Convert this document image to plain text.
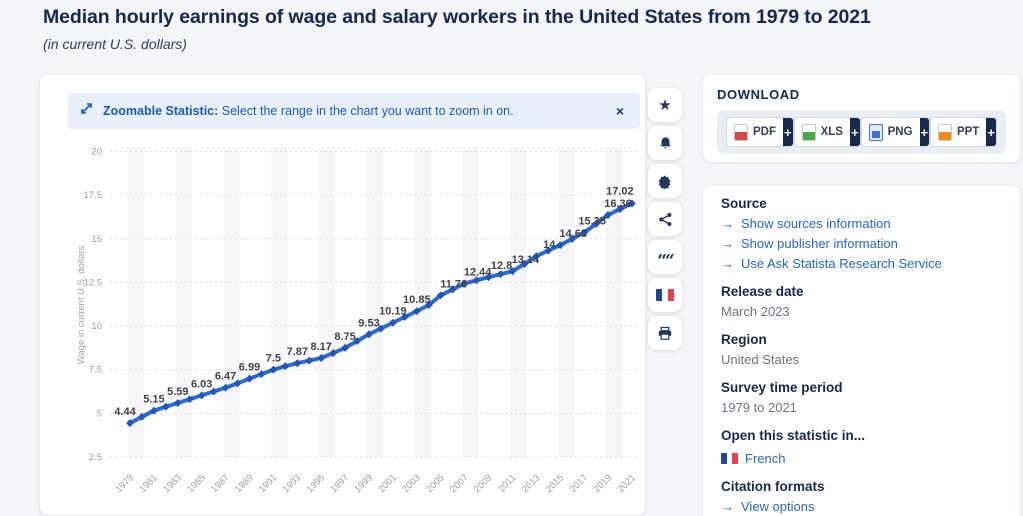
Median hourly earnings of wage and salary workers in the United States from 1979 to 2021
(in current U.S. dollars)
Zoomable Statistic: Select the range in the chart you want to zoom in on.	×
2.5
5
7.5
10
12.5
15
17.5
20
Wage in current U.S. dollars
1979 1981 1983 1985 1987 1989 1991 1993 1995 1997 1999 2001 2003 2005 2007 2009 2011 2013 2015 2017 2019 2021
4.44
5.15
5.59
6.03
6.47
6.99
7.5
7.87 8.17
8.75
9.53
10.19
10.85
11.76
12.44
12.8 13.14
14
14.63
15.35
16.36
17.02
★
““
DOWNLOAD
PDF +	XLS +	PNG +	PPT +
Source
→ Show sources information
→ Show publisher information
→ Use Ask Statista Research Service
Release date
March 2023
Region
United States
Survey time period
1979 to 2021
Open this statistic in...
French
Citation formats
→ View options
